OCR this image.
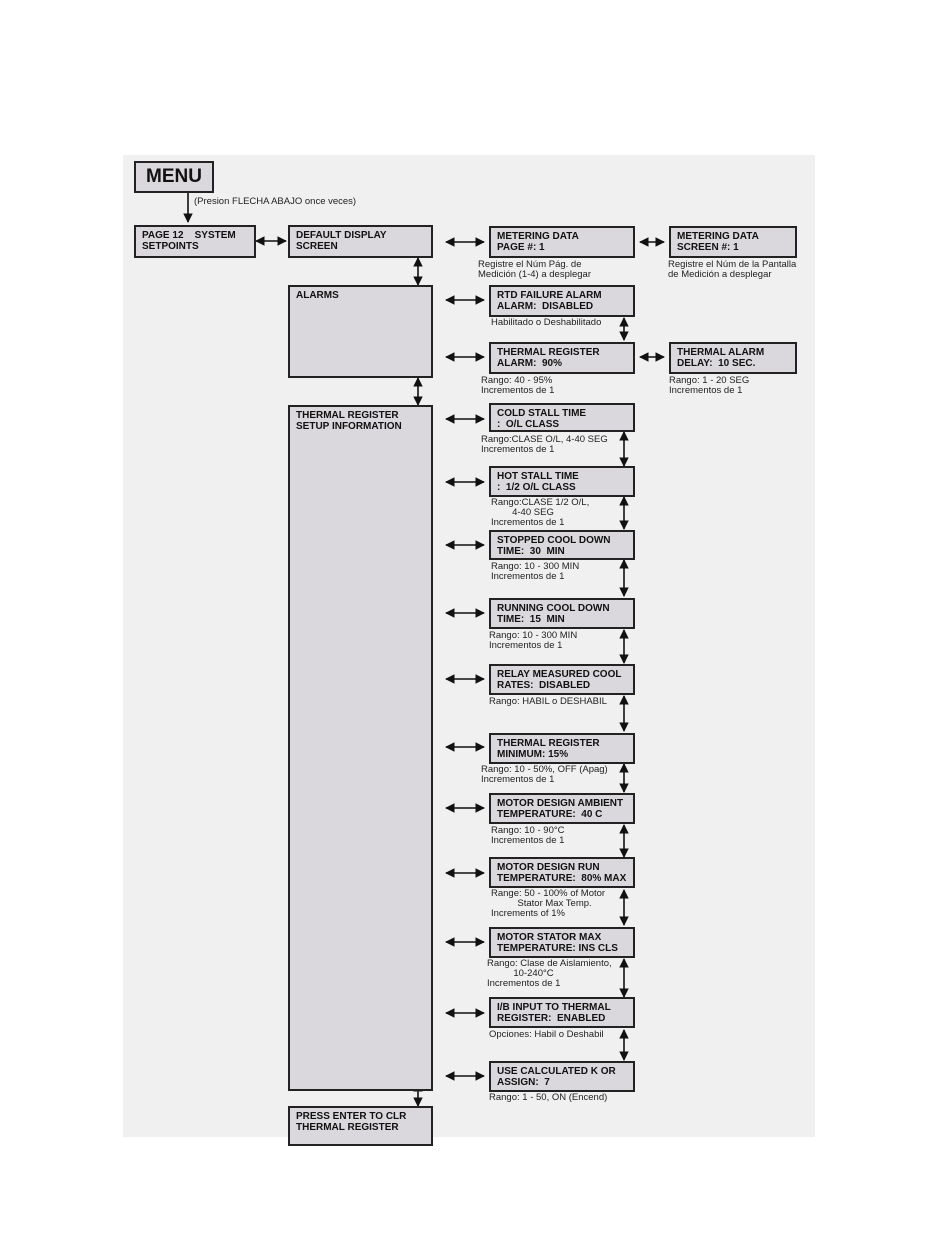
MENU
(Presion FLECHA ABAJO once veces)
PAGE 12    SYSTEM
SETPOINTS
DEFAULT DISPLAY
SCREEN
ALARMS
THERMAL REGISTER
SETUP INFORMATION
PRESS ENTER TO CLR
THERMAL REGISTER
METERING DATA
PAGE #: 1
Registre el Núm Pág. de
Medición (1-4) a desplegar
METERING DATA
SCREEN #: 1
Registre el Núm de la Pantalla
de Medición a desplegar
RTD FAILURE ALARM
ALARM:  DISABLED
Habilitado o Deshabilitado
THERMAL REGISTER
ALARM:  90%
Rango: 40 - 95%
Incrementos de 1
THERMAL ALARM
DELAY:  10 SEC.
Rango: 1 - 20 SEG
Incrementos de 1
COLD STALL TIME
:  O/L CLASS
Rango:CLASE O/L, 4-40 SEG
Incrementos de 1
HOT STALL TIME
:  1/2 O/L CLASS
Rango:CLASE 1/2 O/L,
4-40 SEG
Incrementos de 1
STOPPED COOL DOWN
TIME:  30  MIN
Rango: 10 - 300 MIN
Incrementos de 1
RUNNING COOL DOWN
TIME:  15  MIN
Rango: 10 - 300 MIN
Incrementos de 1
RELAY MEASURED COOL
RATES:  DISABLED
Rango: HABIL o DESHABIL
THERMAL REGISTER
MINIMUM: 15%
Rango: 10 - 50%, OFF (Apag)
Incrementos de 1
MOTOR DESIGN AMBIENT
TEMPERATURE:  40 C
Rango: 10 - 90°C
Incrementos de 1
MOTOR DESIGN RUN
TEMPERATURE:  80% MAX
Range: 50 - 100% of Motor
Stator Max Temp.
Increments of 1%
MOTOR STATOR MAX
TEMPERATURE: INS CLS
Rango: Clase de Aislamiento,
10-240°C
Incrementos de 1
I/B INPUT TO THERMAL
REGISTER:  ENABLED
Opciones: Habil o Deshabil
USE CALCULATED K OR
ASSIGN:  7
Rango: 1 - 50, ON (Encend)
